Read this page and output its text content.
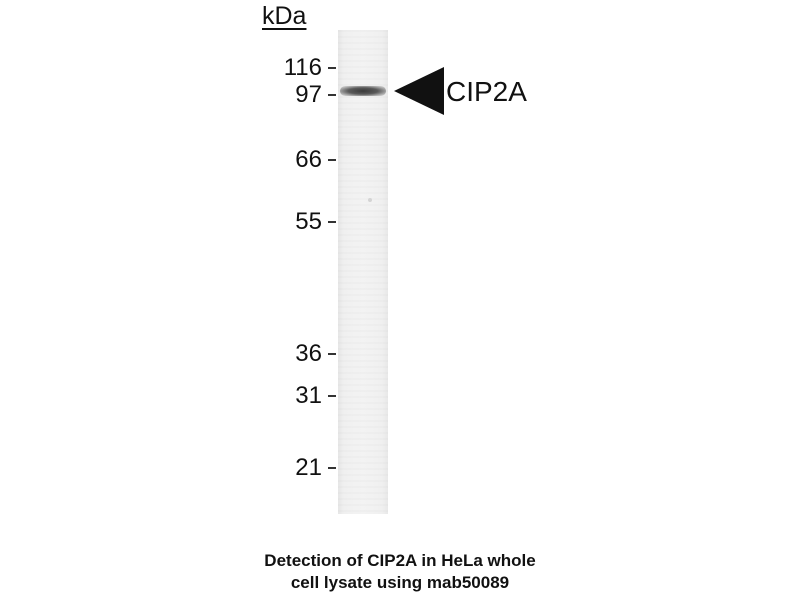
kDa
116
97
66
55
36
31
21
CIP2A
Detection of CIP2A in HeLa whole
cell lysate using mab50089
